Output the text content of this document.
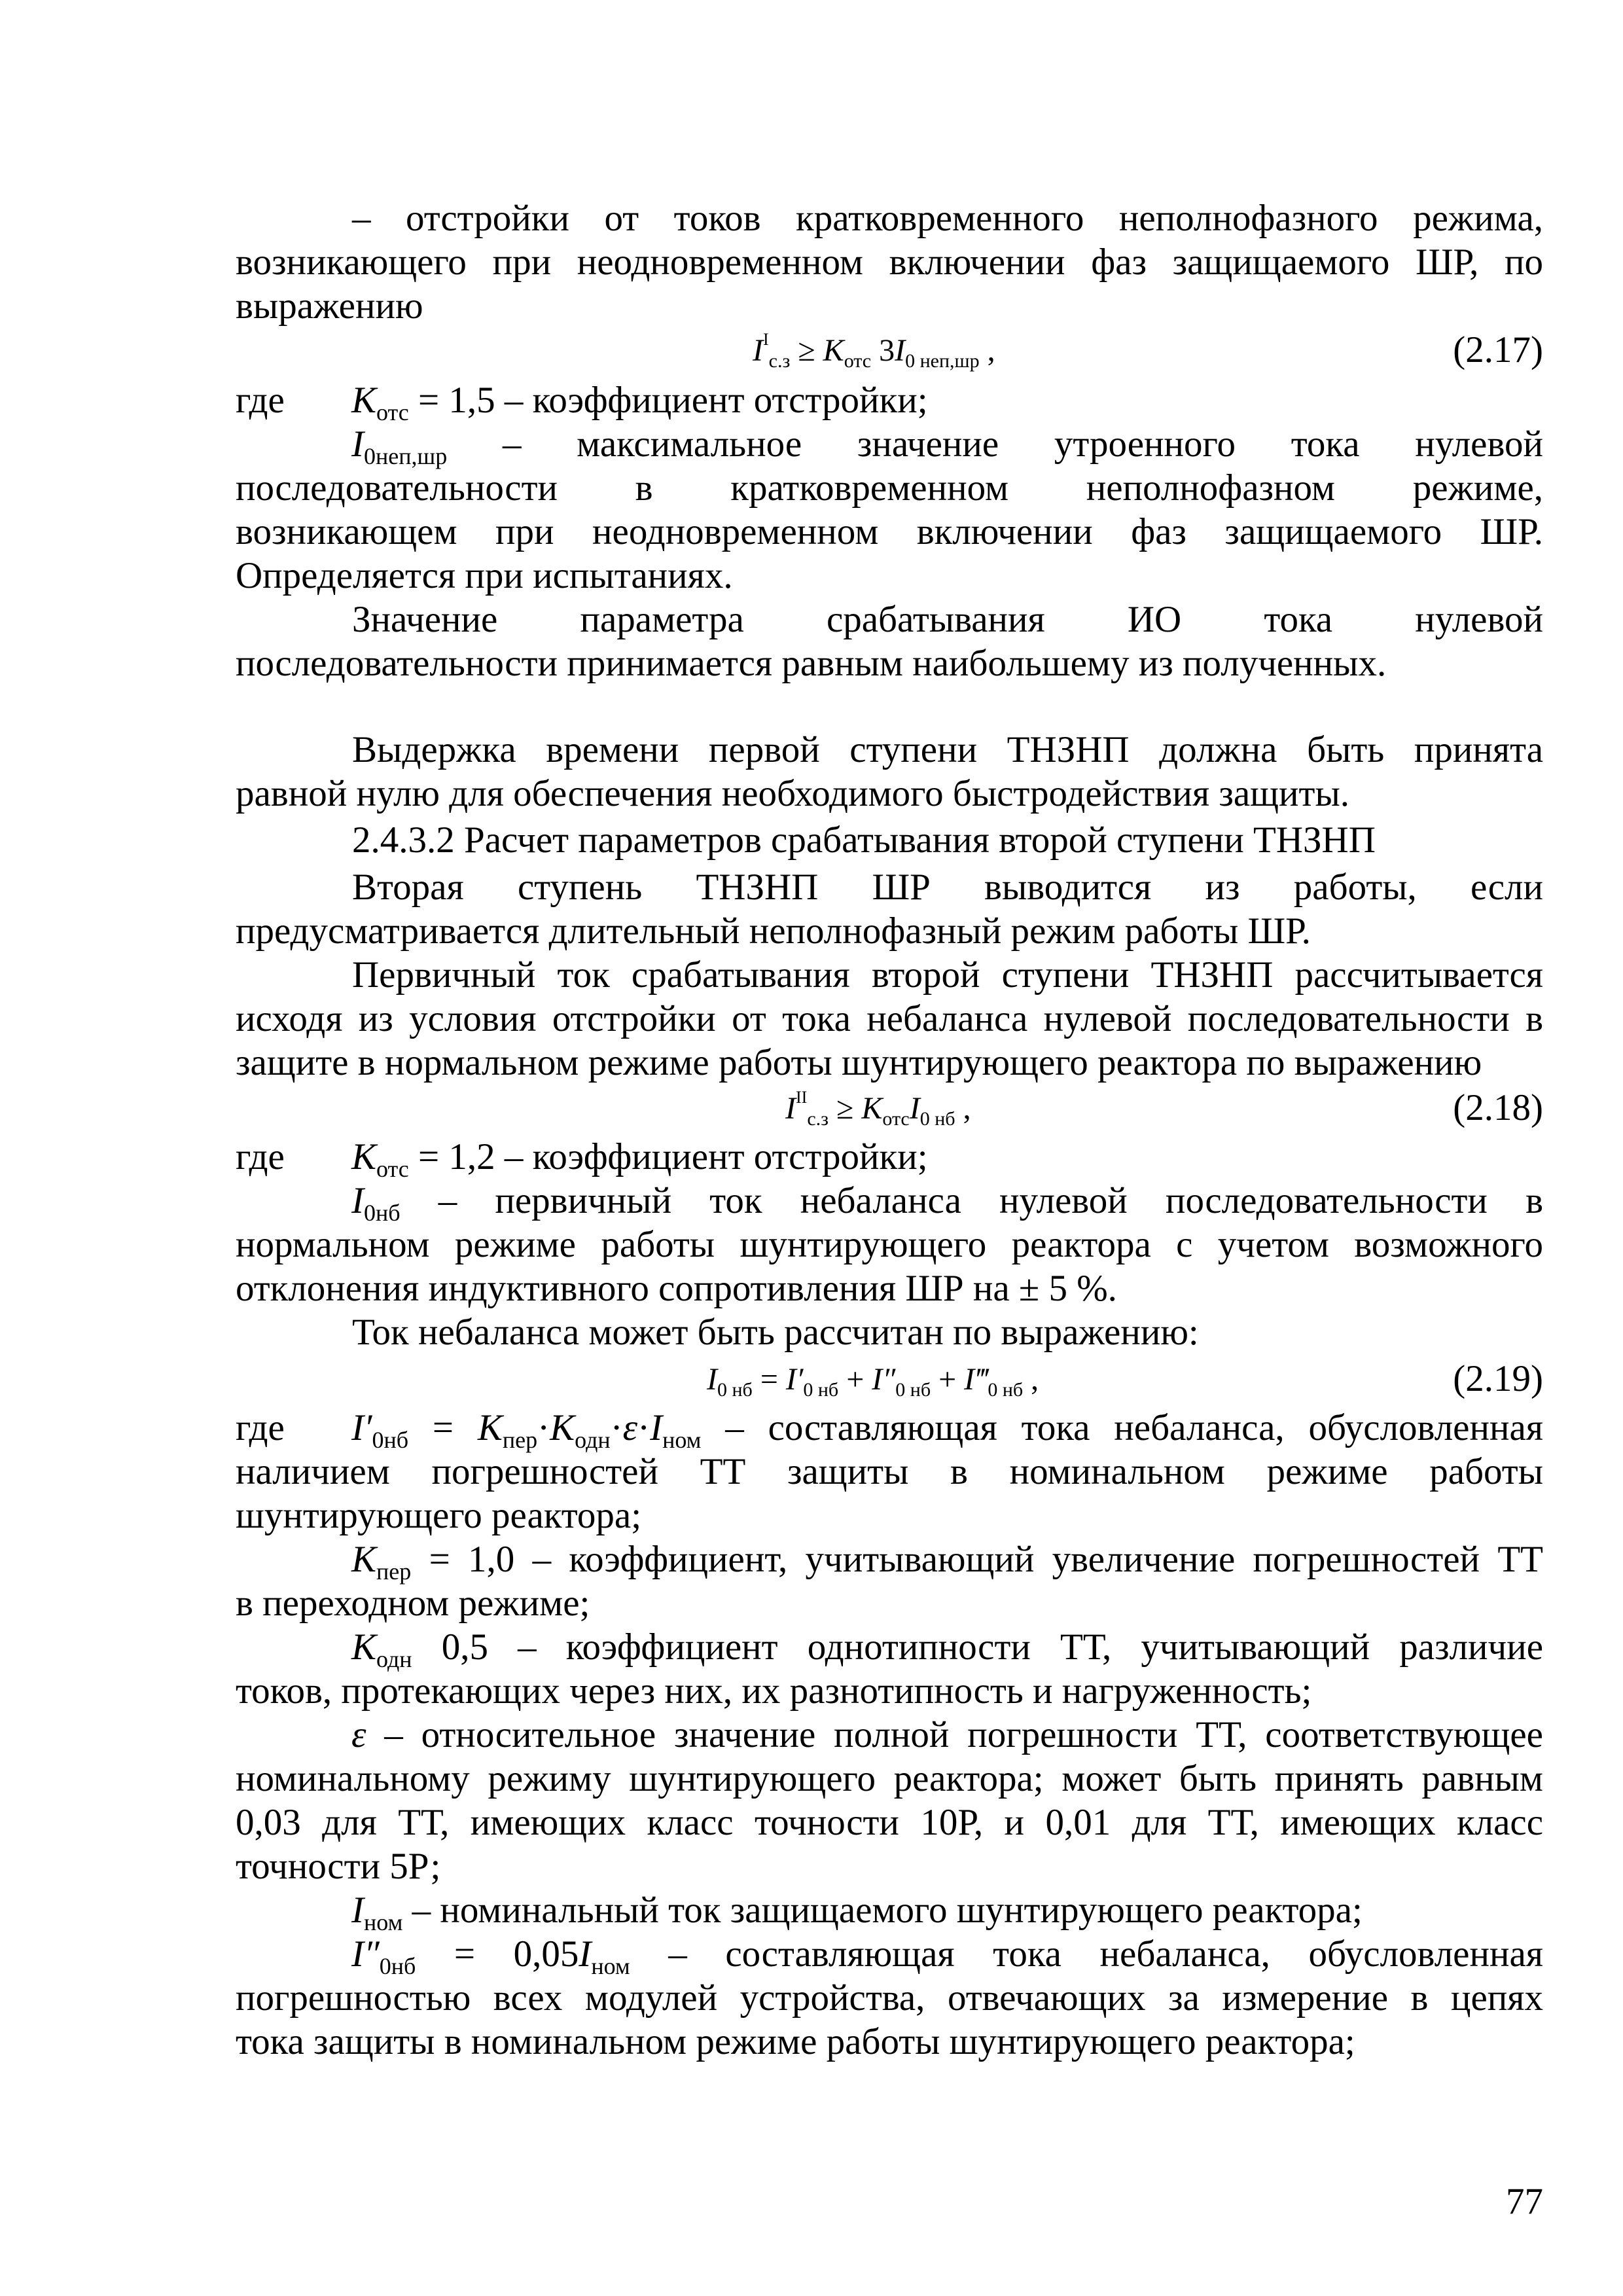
– отстройки от токов кратковременного неполнофазного режима,
возникающего при неодновременном включении фаз защищаемого ШР, по
выражению
$I^I_{с.з} \ge K_{отс}$ $3I_{0 неп,шр}$ ,	(2.17)
где $K_{отс} = 1,5$ – коэффициент отстройки;
$I_{0неп,шр}$ – максимальное значение утроенного тока нулевой
последовательности в кратковременном неполнофазном режиме,
возникающем при неодновременном включении фаз защищаемого ШР.
Определяется при испытаниях.
Значение параметра срабатывания ИО тока нулевой
последовательности принимается равным наибольшему из полученных.
Выдержка времени первой ступени ТНЗНП должна быть принята
равной нулю для обеспечения необходимого быстродействия защиты.
2.4.3.2 Расчет параметров срабатывания второй ступени ТНЗНП
Вторая ступень ТНЗНП ШР выводится из работы, если
предусматривается длительный неполнофазный режим работы ШР.
Первичный ток срабатывания второй ступени ТНЗНП рассчитывается
исходя из условия отстройки от тока небаланса нулевой последовательности в
защите в нормальном режиме работы шунтирующего реактора по выражению
$I^{II}_{с.з} \ge K_{отс}I_{0 нб}$ ,	(2.18)
где $K_{отс} = 1,2$ – коэффициент отстройки;
$I_{0нб}$ – первичный ток небаланса нулевой последовательности в
нормальном режиме работы шунтирующего реактора с учетом возможного
отклонения индуктивного сопротивления ШР на ± 5 %.
Ток небаланса может быть рассчитан по выражению:
$I_{0 нб} = I'_{0 нб} + I''_{0 нб}$ + $I‴_{0 нб}$ ,	(2.19)
где $I'_{0нб} = K_{пер}\cdot K_{одн}\cdot\varepsilon\cdot I_{ном}$ – составляющая тока небаланса, обусловленная
наличием погрешностей ТТ защиты в номинальном режиме работы
шунтирующего реактора;
$K_{пер} = 1,0$ – коэффициент, учитывающий увеличение погрешностей ТТ
в переходном режиме;
$K_{одн}$ 0,5 – коэффициент однотипности ТТ, учитывающий различие
токов, протекающих через них, их разнотипность и нагруженность;
ε – относительное значение полной погрешности ТТ, соответствующее
номинальному режиму шунтирующего реактора; может быть принять равным
0,03 для ТТ, имеющих класс точности 10Р, и 0,01 для ТТ, имеющих класс
точности 5Р;
$I_{ном}$ – номинальный ток защищаемого шунтирующего реактора;
$I''_{0нб} = 0,05I_{ном}$ – составляющая тока небаланса, обусловленная
погрешностью всех модулей устройства, отвечающих за измерение в цепях
тока защиты в номинальном режиме работы шунтирующего реактора;
77
